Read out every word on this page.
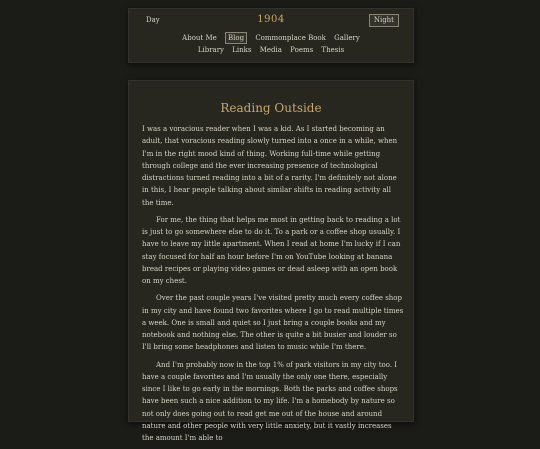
Day	1904	Night
About Me Blog Commonplace Book Gallery
Library Links Media Poems Thesis
Reading Outside

I was a voracious reader when I was a kid. As I started becoming an adult, that voracious reading slowly turned into a once in a while, when I'm in the right mood kind of thing. Working full-time while getting through college and the ever increasing presence of technological distractions turned reading into a bit of a rarity. I'm definitely not alone in this, I hear people talking about similar shifts in reading activity all the time.

For me, the thing that helps me most in getting back to reading a lot is just to go somewhere else to do it. To a park or a coffee shop usually. I have to leave my little apartment. When I read at home I'm lucky if I can stay focused for half an hour before I'm on YouTube looking at banana bread recipes or playing video games or dead asleep with an open book on my chest.

Over the past couple years I've visited pretty much every coffee shop in my city and have found two favorites where I go to read multiple times a week. One is small and quiet so I just bring a couple books and my notebook and nothing else. The other is quite a bit busier and louder so I'll bring some headphones and listen to music while I'm there.

And I'm probably now in the top 1% of park visitors in my city too. I have a couple favorites and I'm usually the only one there, especially since I like to go early in the mornings. Both the parks and coffee shops have been such a nice addition to my life. I'm a homebody by nature so not only does going out to read get me out of the house and around nature and other people with very little anxiety, but it vastly increases the amount I'm able to
